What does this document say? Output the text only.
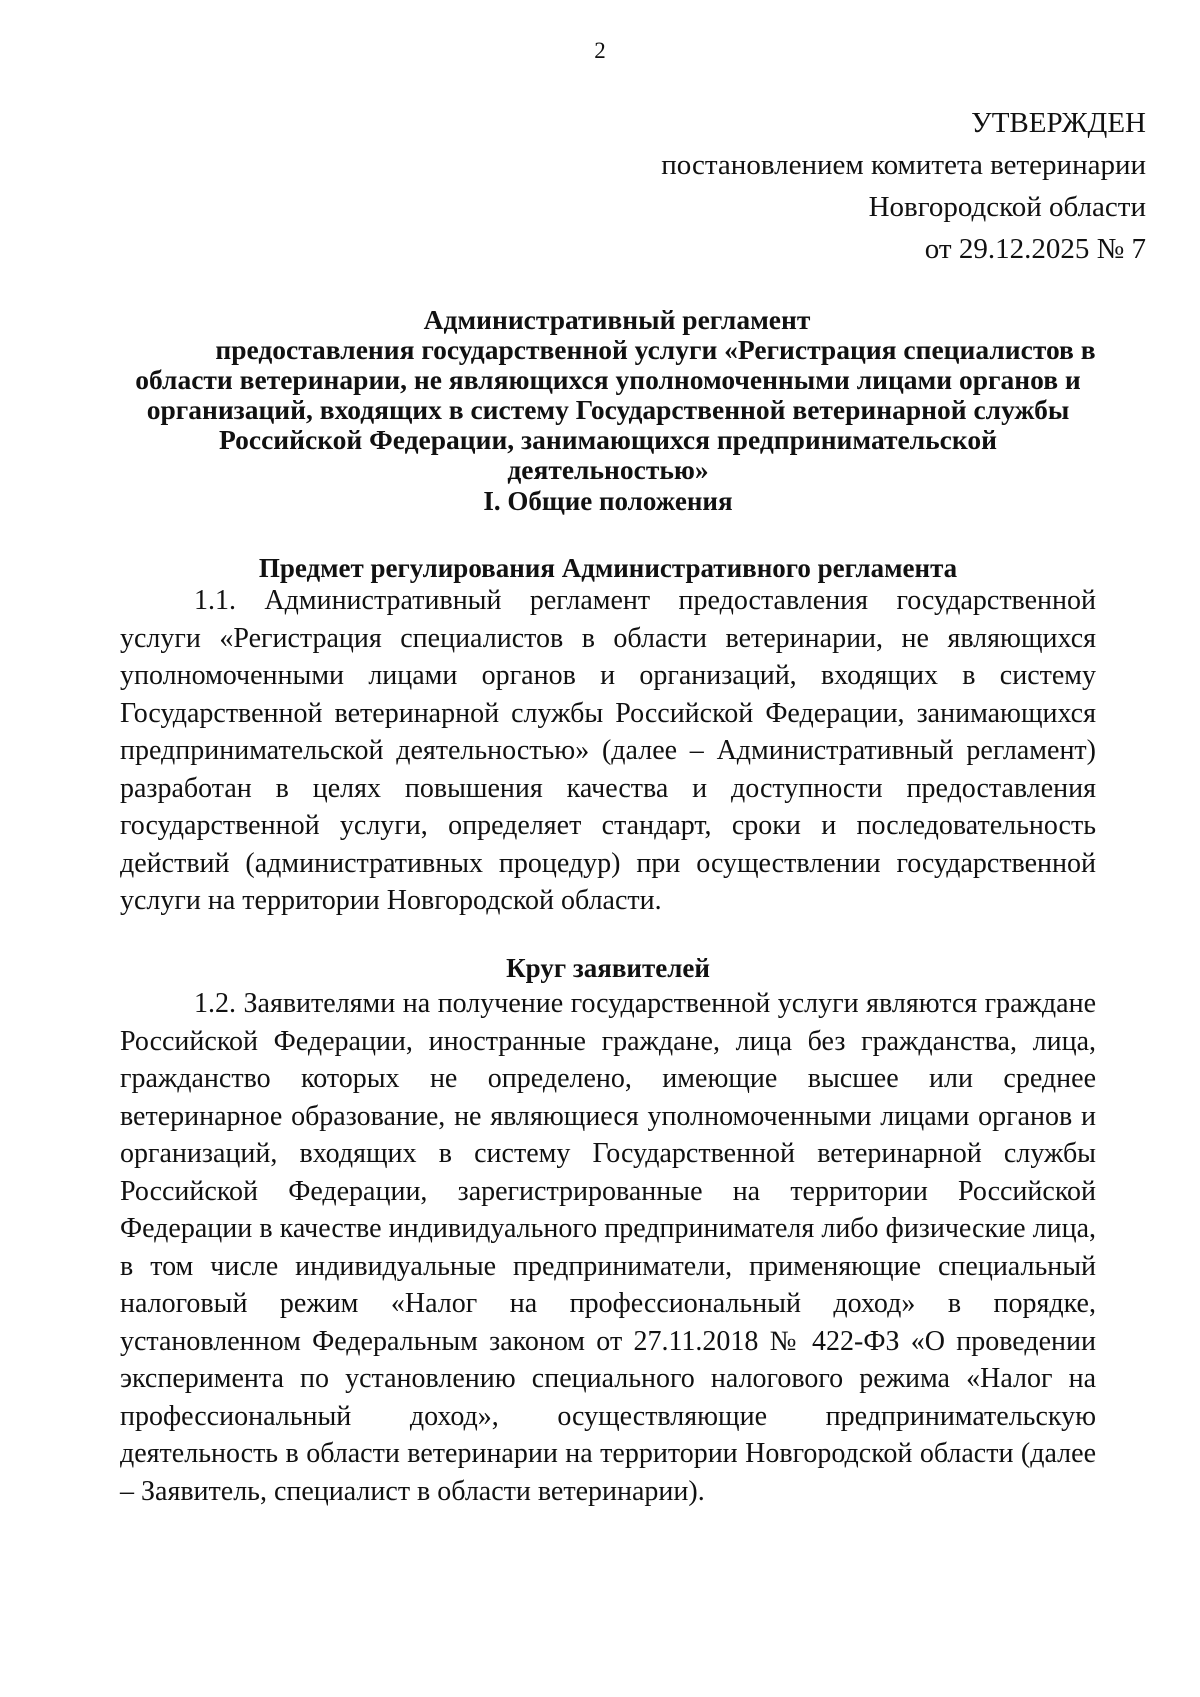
2
УТВЕРЖДЕН
постановлением комитета ветеринарии
Новгородской области
от 29.12.2025 № 7
Административный регламент
предоставления государственной услуги «Регистрация специалистов в
области ветеринарии, не являющихся уполномоченными лицами органов и
организаций, входящих в систему Государственной ветеринарной службы
Российской Федерации, занимающихся предпринимательской деятельностью»
I. Общие положения
Предмет регулирования Административного регламента
1.1. Административный регламент предоставления государственной услуги «Регистрация специалистов в области ветеринарии, не являющихся уполномоченными лицами органов и организаций, входящих в систему Государственной ветеринарной службы Российской Федерации, занимающихся предпринимательской деятельностью» (далее – Административный регламент) разработан в целях повышения качества и доступности предоставления государственной услуги, определяет стандарт, сроки и последовательность действий (административных процедур) при осуществлении государственной услуги на территории Новгородской области.
Круг заявителей
1.2. Заявителями на получение государственной услуги являются граждане Российской Федерации, иностранные граждане, лица без гражданства, лица, гражданство которых не определено, имеющие высшее или среднее ветеринарное образование, не являющиеся уполномоченными лицами органов и организаций, входящих в систему Государственной ветеринарной службы Российской Федерации, зарегистрированные на территории Российской Федерации в качестве индивидуального предпринимателя либо физические лица, в том числе индивидуальные предприниматели, применяющие специальный налоговый режим «Налог на профессиональный доход» в порядке, установленном Федеральным законом от 27.11.2018 № 422-ФЗ «О проведении эксперимента по установлению специального налогового режима «Налог на профессиональный доход», осуществляющие предпринимательскую деятельность в области ветеринарии на территории Новгородской области (далее – Заявитель, специалист в области ветеринарии).
